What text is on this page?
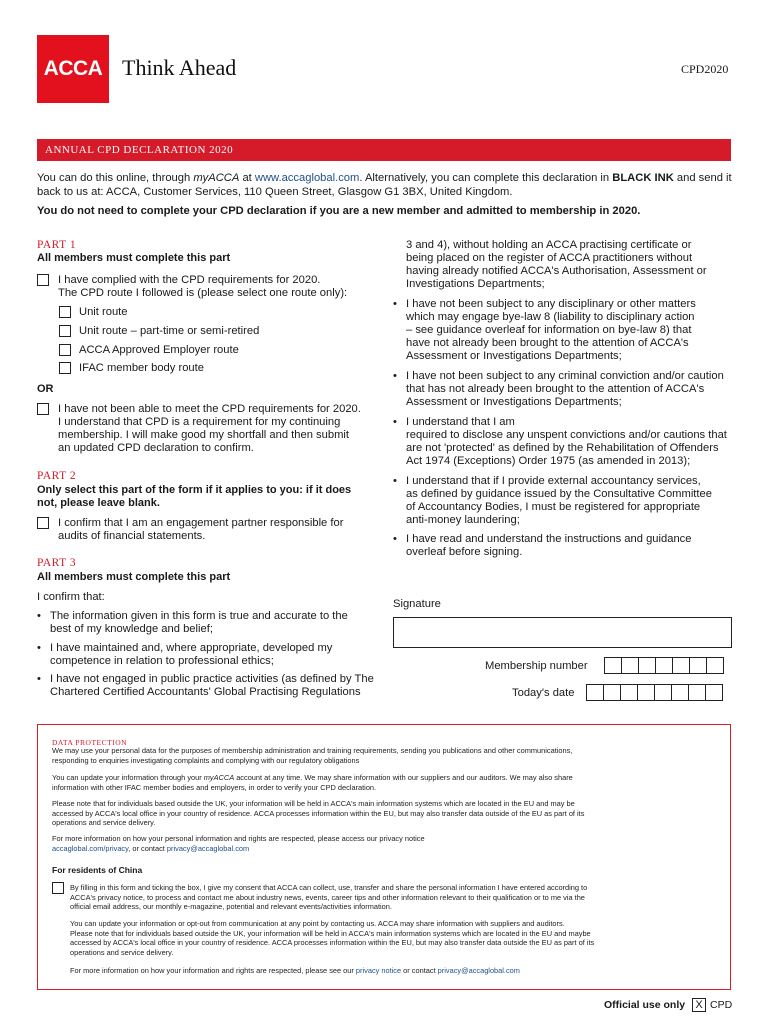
ACCA Think Ahead	CPD2020
ANNUAL CPD DECLARATION 2020
You can do this online, through myACCA at www.accaglobal.com. Alternatively, you can complete this declaration in BLACK INK and send it back to us at: ACCA, Customer Services, 110 Queen Street, Glasgow G1 3BX, United Kingdom.
You do not need to complete your CPD declaration if you are a new member and admitted to membership in 2020.
PART 1
All members must complete this part
I have complied with the CPD requirements for 2020.
The CPD route I followed is (please select one route only):
Unit route
Unit route – part-time or semi-retired
ACCA Approved Employer route
IFAC member body route
OR
I have not been able to meet the CPD requirements for 2020.
I understand that CPD is a requirement for my continuing
membership. I will make good my shortfall and then submit
an updated CPD declaration to confirm.
PART 2
Only select this part of the form if it applies to you: if it does
not, please leave blank.
I confirm that I am an engagement partner responsible for
audits of financial statements.
PART 3
All members must complete this part
I confirm that:
• The information given in this form is true and accurate to the
best of my knowledge and belief;
• I have maintained and, where appropriate, developed my
competence in relation to professional ethics;
• I have not engaged in public practice activities (as defined by The
Chartered Certified Accountants' Global Practising Regulations
3 and 4), without holding an ACCA practising certificate or
being placed on the register of ACCA practitioners without
having already notified ACCA's Authorisation, Assessment or
Investigations Departments;
• I have not been subject to any disciplinary or other matters
which may engage bye-law 8 (liability to disciplinary action
– see guidance overleaf for information on bye-law 8) that
have not already been brought to the attention of ACCA's
Assessment or Investigations Departments;
• I have not been subject to any criminal conviction and/or caution
that has not already been brought to the attention of ACCA's
Assessment or Investigations Departments;
• I understand that I am
required to disclose any unspent convictions and/or cautions that
are not 'protected' as defined by the Rehabilitation of Offenders
Act 1974 (Exceptions) Order 1975 (as amended in 2013);
• I understand that if I provide external accountancy services,
as defined by guidance issued by the Consultative Committee
of Accountancy Bodies, I must be registered for appropriate
anti-money laundering;
• I have read and understand the instructions and guidance
overleaf before signing.
Signature
Membership number
Today's date
DATA PROTECTION
We may use your personal data for the purposes of membership administration and training requirements, sending you publications and other communications,
responding to enquiries investigating complaints and complying with our regulatory obligations
You can update your information through your myACCA account at any time. We may share information with our suppliers and our auditors. We may also share
information with other IFAC member bodies and employers, in order to verify your CPD declaration.
Please note that for individuals based outside the UK, your information will be held in ACCA's main information systems which are located in the EU and may be
accessed by ACCA's local office in your country of residence. ACCA processes information within the EU, but may also transfer data outside of the EU as part of its
operations and service delivery.
For more information on how your personal information and rights are respected, please access our privacy notice
accaglobal.com/privacy, or contact privacy@accaglobal.com
For residents of China
By filling in this form and ticking the box, I give my consent that ACCA can collect, use, transfer and share the personal information I have entered according to
ACCA's privacy notice, to process and contact me about industry news, events, career tips and other information relevant to their qualification or to me via the
official email address, our monthly e-magazine, potential and relevant events/activities information.
You can update your information or opt-out from communication at any point by contacting us. ACCA may share information with suppliers and auditors.
Please note that for individuals based outside the UK, your information will be held in ACCA's main information systems which are located in the EU and maybe
accessed by ACCA's local office in your country of residence. ACCA processes information within the EU, but may also transfer data outside the EU as part of its
operations and service delivery.
For more information on how your information and rights are respected, please see our privacy notice or contact privacy@accaglobal.com
Official use only X CPD
